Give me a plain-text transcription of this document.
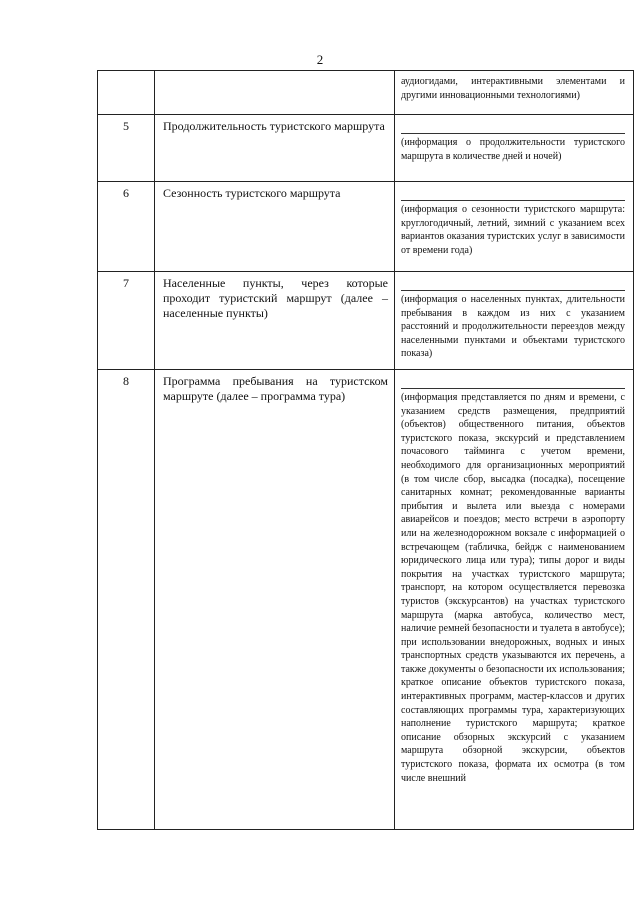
2

		аудиогидами, интерактивными элементами и другими инновационными технологиями)

5	Продолжительность туристского маршрута	(информация о продолжительности туристского маршрута в количестве дней и ночей)

6	Сезонность туристского маршрута	(информация о сезонности туристского маршрута: круглогодичный, летний, зимний с указанием всех вариантов оказания туристских услуг в зависимости от времени года)

7	Населенные пункты, через которые проходит туристский маршрут (далее – населенные пункты)	(информация о населенных пунктах, длительности пребывания в каждом из них с указанием расстояний и продолжительности переездов между населенными пунктами и объектами туристского показа)

8	Программа пребывания на туристском маршруте (далее – программа тура)	(информация представляется по дням и времени, с указанием средств размещения, предприятий (объектов) общественного питания, объектов туристского показа, экскурсий и представлением почасового тайминга с учетом времени, необходимого для организационных мероприятий (в том числе сбор, высадка (посадка), посещение санитарных комнат; рекомендованные варианты прибытия и вылета или выезда с номерами авиарейсов и поездов; место встречи в аэропорту или на железнодорожном вокзале с информацией о встречающем (табличка, бейдж с наименованием юридического лица или тура); типы дорог и виды покрытия на участках туристского маршрута; транспорт, на котором осуществляется перевозка туристов (экскурсантов) на участках туристского маршрута (марка автобуса, количество мест, наличие ремней безопасности и туалета в автобусе); при использовании внедорожных, водных и иных транспортных средств указываются их перечень, а также документы о безопасности их использования; краткое описание объектов туристского показа, интерактивных программ, мастер-классов и других составляющих программы тура, характеризующих наполнение туристского маршрута; краткое описание обзорных экскурсий с указанием маршрута обзорной экскурсии, объектов туристского показа, формата их осмотра (в том числе внешний
